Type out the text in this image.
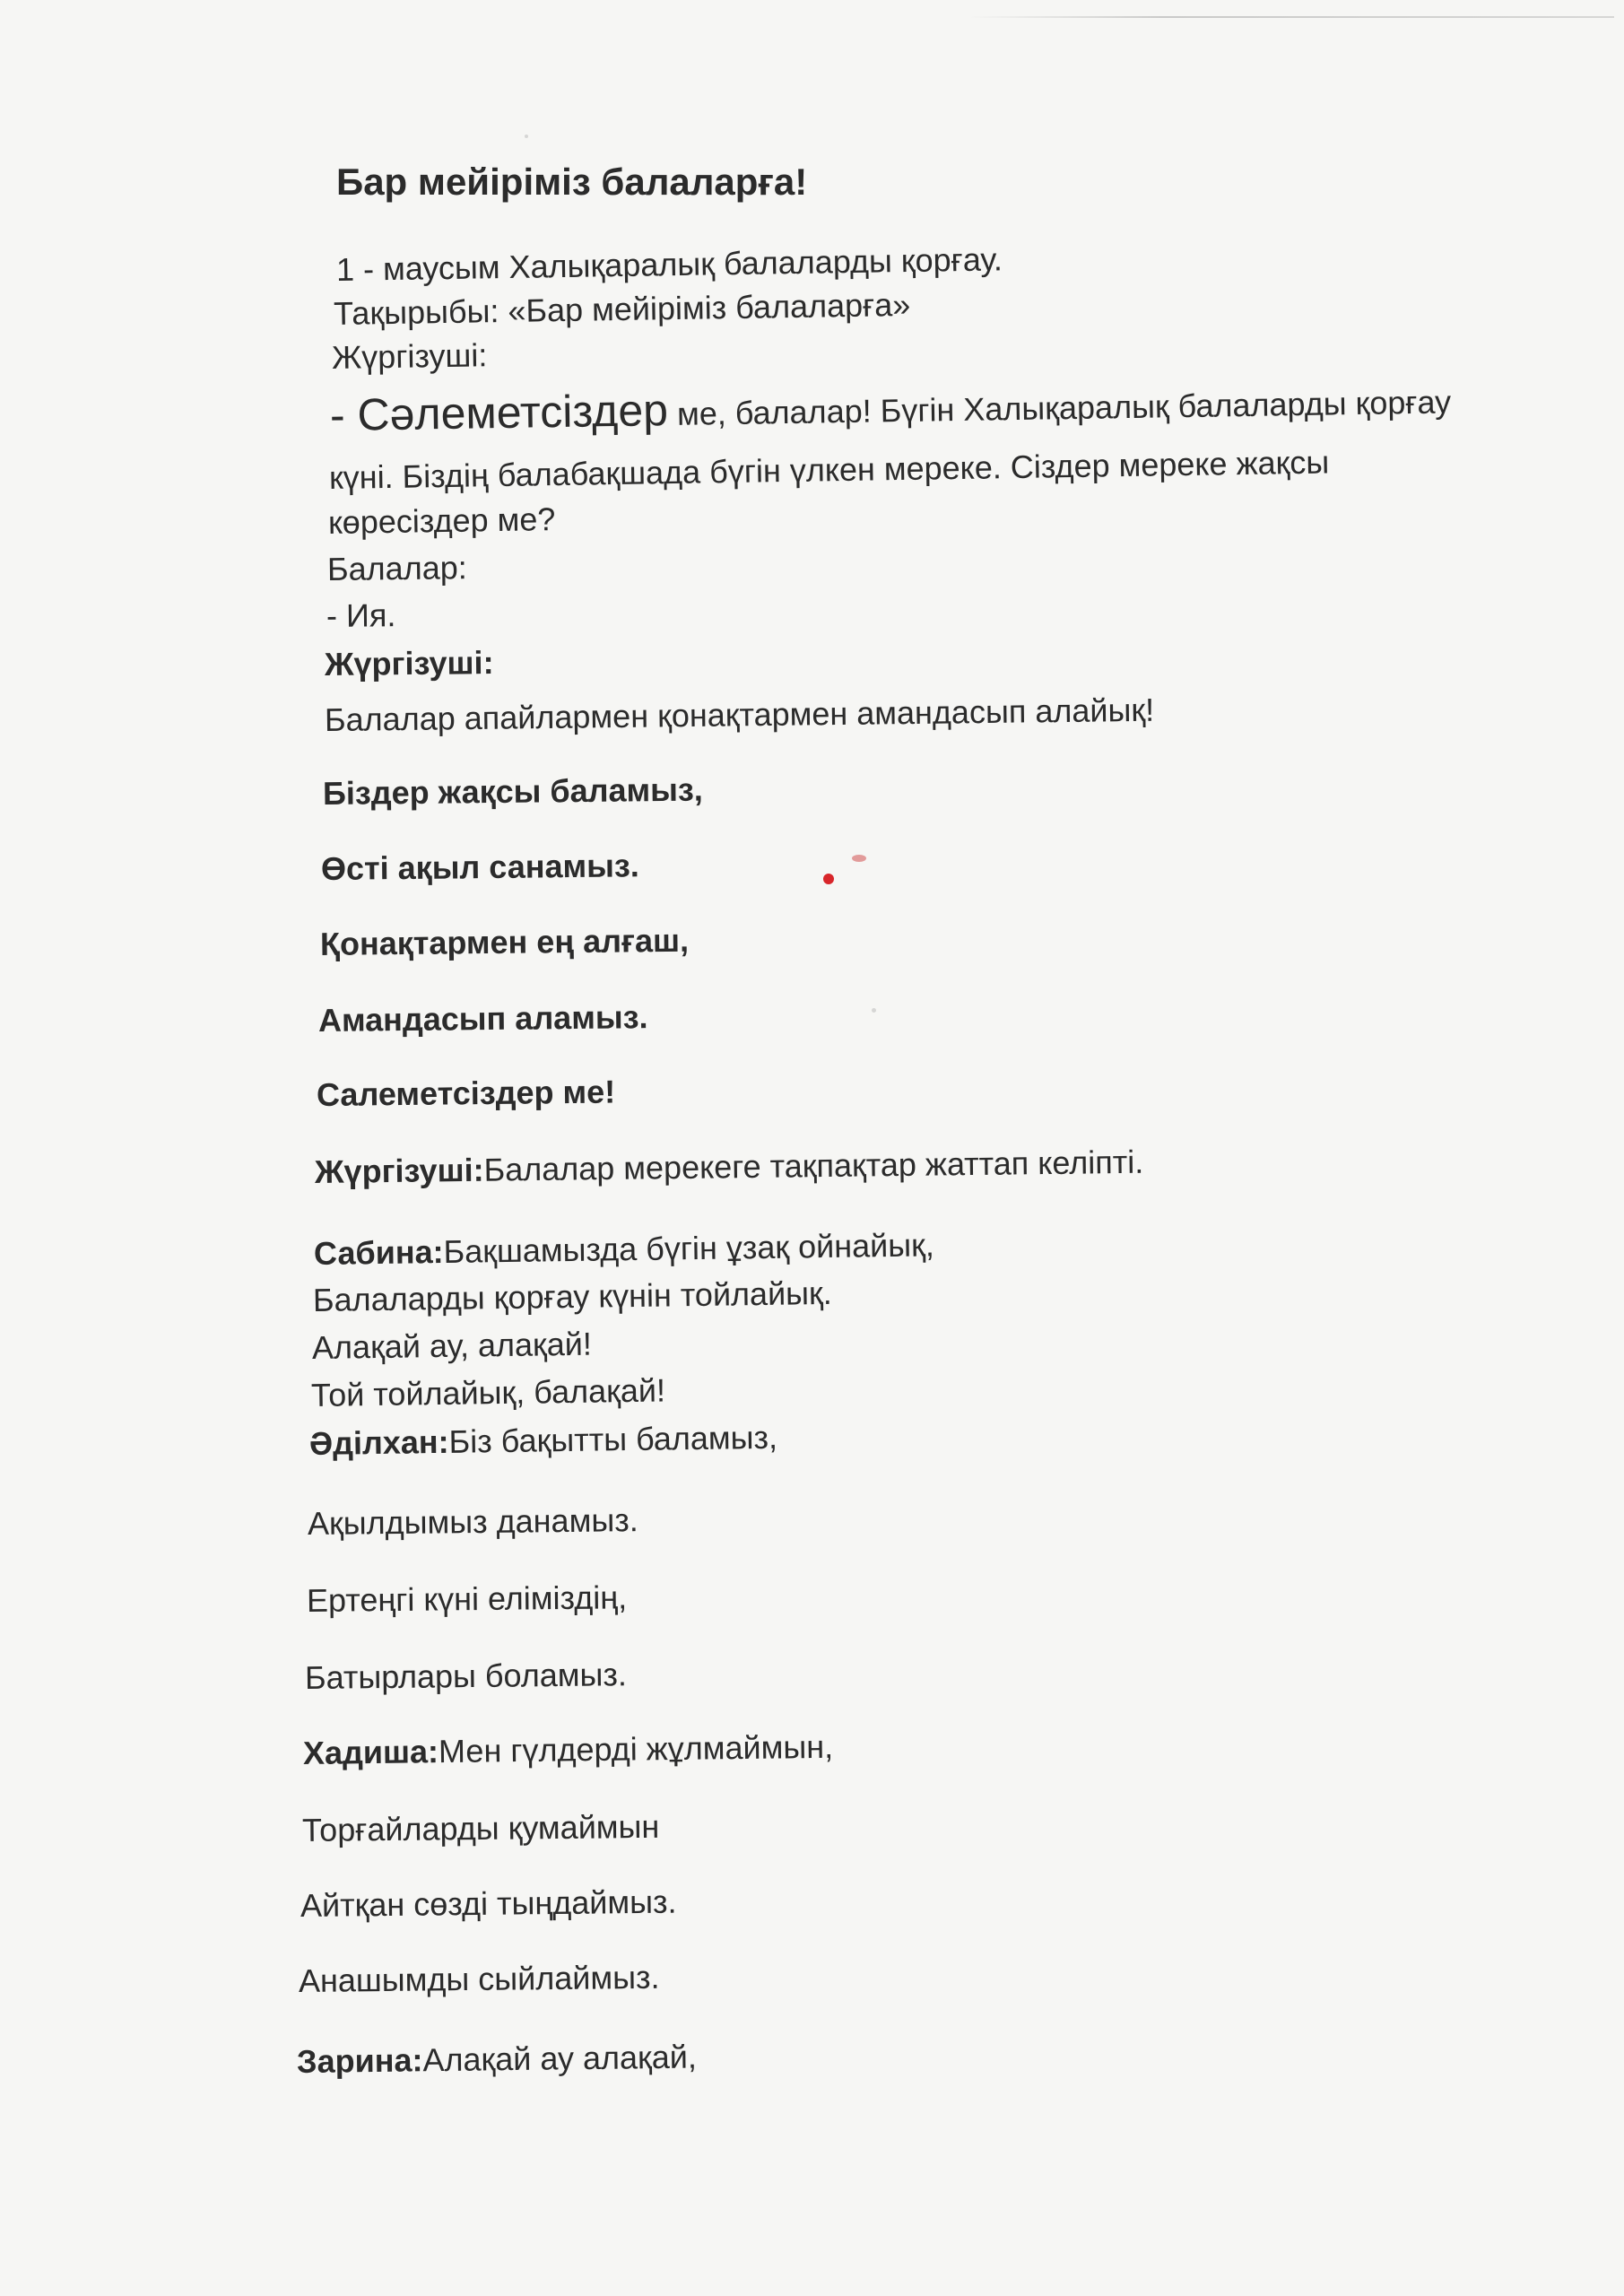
Бар мейіріміз балаларға!
1 - маусым Халықаралық балаларды қорғау.
Тақырыбы: «Бар мейіріміз балаларға»
Жүргізуші:
- Сәлеметсіздер ме, балалар! Бүгін Халықаралық балаларды қорғау
күні. Біздің балабақшада бүгін үлкен мереке. Сіздер мереке жақсы
көресіздер ме?
Балалар:
- Ия.
Жүргізуші:
Балалар апайлармен қонақтармен амандасып алайық!
Біздер жақсы баламыз,
Өсті ақыл санамыз.
Қонақтармен ең алғаш,
Амандасып аламыз.
Салеметсіздер ме!
Жүргізуші:Балалар мерекеге тақпақтар жаттап келіпті.
Сабина:Бақшамызда бүгін ұзақ ойнайық,
Балаларды қорғау күнін тойлайық.
Алақай ау, алақай!
Той тойлайық, балақай!
Әділхан:Біз бақытты баламыз,
Ақылдымыз данамыз.
Ертеңгі күні еліміздің,
Батырлары боламыз.
Хадиша:Мен гүлдерді жұлмаймын,
Торғайларды қумаймын
Айтқан сөзді тыңдаймыз.
Анашымды сыйлаймыз.
Зарина:Алақай ау алақай,
